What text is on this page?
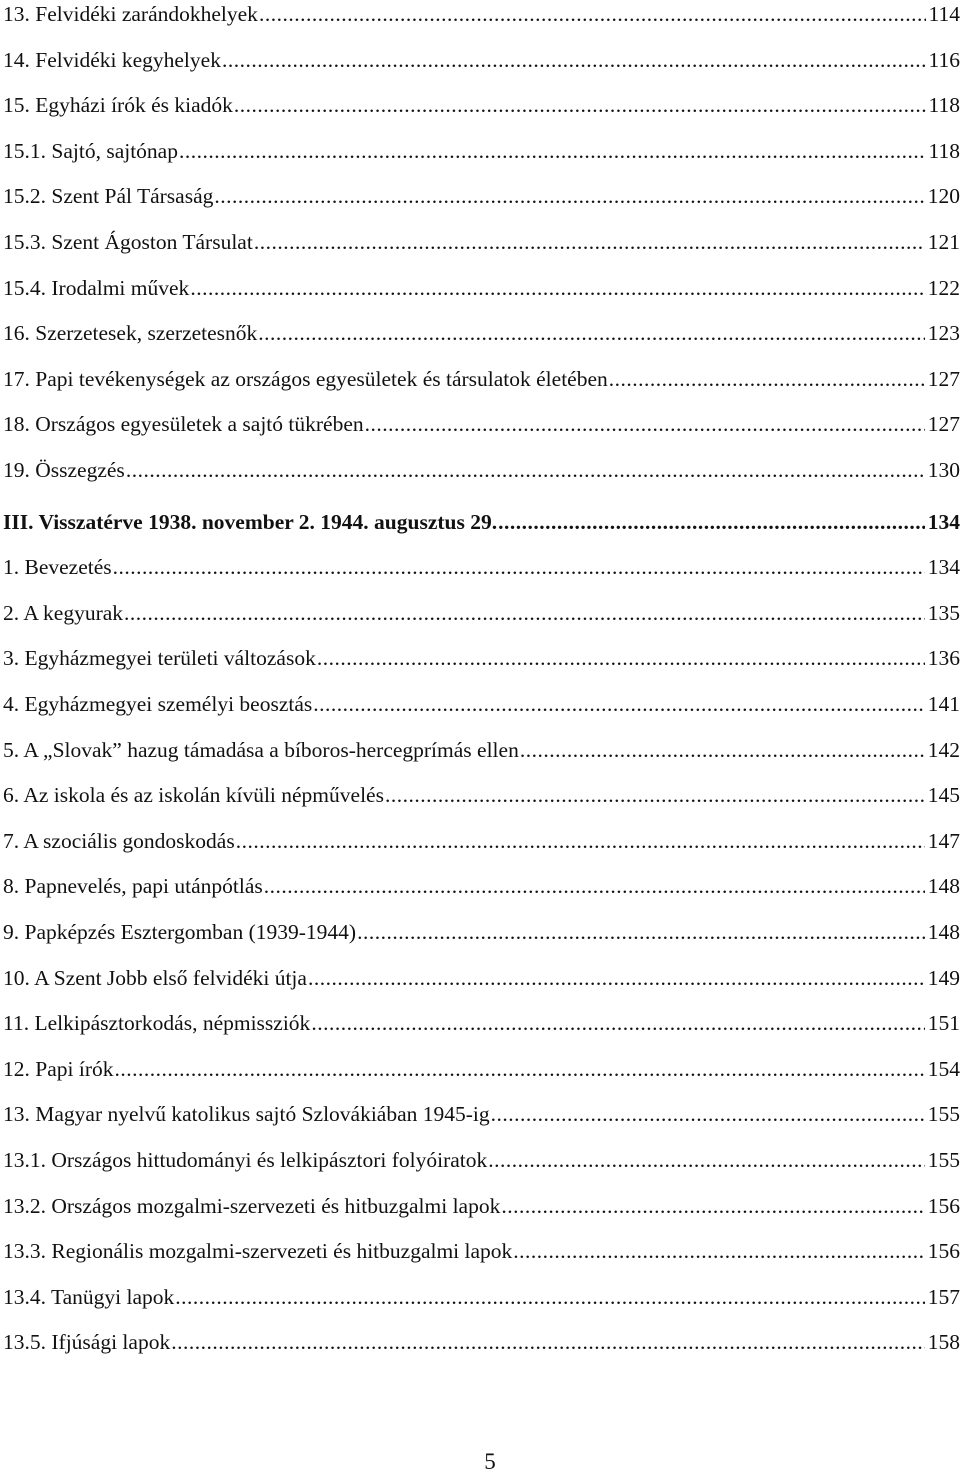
13. Felvidéki zarándokhelyek .....	114
14. Felvidéki kegyhelyek .....	116
15. Egyházi írók és kiadók .....	118
15.1. Sajtó, sajtónap .....	118
15.2. Szent Pál Társaság .....	120
15.3. Szent Ágoston Társulat .....	121
15.4. Irodalmi művek .....	122
16. Szerzetesek, szerzetesnők .....	123
17. Papi tevékenységek az országos egyesületek és társulatok életében .....	127
18. Országos egyesületek a sajtó tükrében .....	127
19. Összegzés .....	130
III. Visszatérve 1938. november 2. 1944. augusztus 29. .....	134
1. Bevezetés .....	134
2. A kegyurak .....	135
3. Egyházmegyei területi változások .....	136
4. Egyházmegyei személyi beosztás .....	141
5. A „Slovak” hazug támadása a bíboros-hercegprímás ellen .....	142
6. Az iskola és az iskolán kívüli népművelés .....	145
7. A szociális gondoskodás .....	147
8. Papnevelés, papi utánpótlás .....	148
9. Papképzés Esztergomban (1939-1944) .....	148
10. A Szent Jobb első felvidéki útja .....	149
11. Lelkipásztorkodás, népmissziók .....	151
12. Papi írók .....	154
13. Magyar nyelvű katolikus sajtó Szlovákiában 1945-ig .....	155
13.1. Országos hittudományi és lelkipásztori folyóiratok .....	155
13.2. Országos mozgalmi-szervezeti és hitbuzgalmi lapok .....	156
13.3. Regionális mozgalmi-szervezeti és hitbuzgalmi lapok .....	156
13.4. Tanügyi lapok .....	157
13.5. Ifjúsági lapok .....	158
5
